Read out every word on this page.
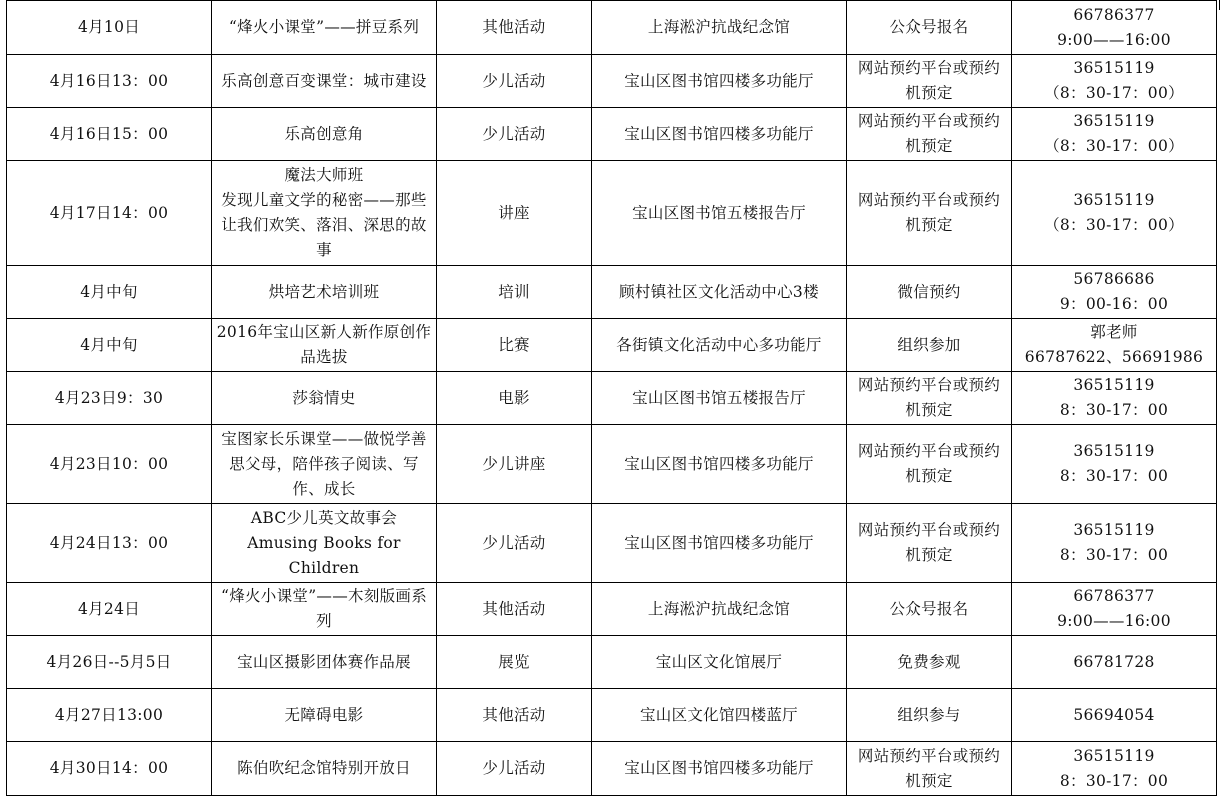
4月10日	“烽火小课堂”——拼豆系列	其他活动	上海淞沪抗战纪念馆	公众号报名	66786377
9:00——16:00
4月16日13：00	乐高创意百变课堂：城市建设	少儿活动	宝山区图书馆四楼多功能厅	网站预约平台或预约机预定	36515119
（8：30-17：00）
4月16日15：00	乐高创意角	少儿活动	宝山区图书馆四楼多功能厅	网站预约平台或预约机预定	36515119
（8：30-17：00）
4月17日14：00	魔法大师班
发现儿童文学的秘密——那些让我们欢笑、落泪、深思的故事	讲座	宝山区图书馆五楼报告厅	网站预约平台或预约机预定	36515119
（8：30-17：00）
4月中旬	烘培艺术培训班	培训	顾村镇社区文化活动中心3楼	微信预约	56786686
9：00-16：00
4月中旬	2016年宝山区新人新作原创作品选拔	比赛	各街镇文化活动中心多功能厅	组织参加	郭老师
66787622、56691986
4月23日9：30	莎翁情史	电影	宝山区图书馆五楼报告厅	网站预约平台或预约机预定	36515119
8：30-17：00
4月23日10：00	宝图家长乐课堂——做悦学善思父母，陪伴孩子阅读、写作、成长	少儿讲座	宝山区图书馆四楼多功能厅	网站预约平台或预约机预定	36515119
8：30-17：00
4月24日13：00	ABC少儿英文故事会
Amusing Books for Children	少儿活动	宝山区图书馆四楼多功能厅	网站预约平台或预约机预定	36515119
8：30-17：00
4月24日	“烽火小课堂”——木刻版画系列	其他活动	上海淞沪抗战纪念馆	公众号报名	66786377
9:00——16:00
4月26日--5月5日	宝山区摄影团体赛作品展	展览	宝山区文化馆展厅	免费参观	66781728
4月27日13:00	无障碍电影	其他活动	宝山区文化馆四楼蓝厅	组织参与	56694054
4月30日14：00	陈伯吹纪念馆特别开放日	少儿活动	宝山区图书馆四楼多功能厅	网站预约平台或预约机预定	36515119
8：30-17：00
